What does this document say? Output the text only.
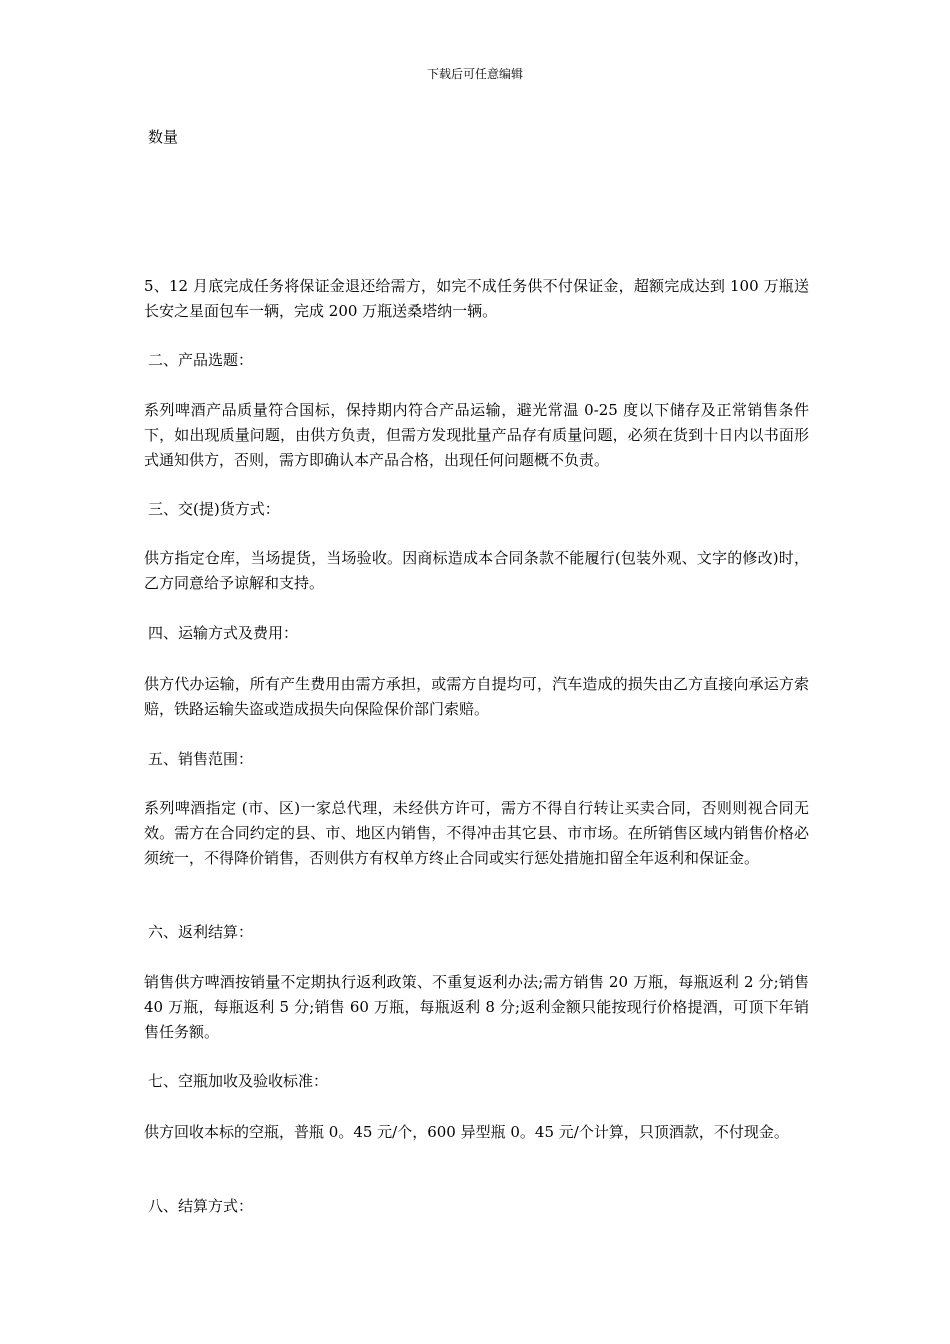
下载后可任意编辑

数量

5、12 月底完成任务将保证金退还给需方，如完不成任务供不付保证金，超额完成达到 100 万瓶送长安之星面包车一辆，完成 200 万瓶送桑塔纳一辆。

二、产品选题：

系列啤酒产品质量符合国标，保持期内符合产品运输，避光常温 0-25 度以下储存及正常销售条件下，如出现质量问题，由供方负责，但需方发现批量产品存有质量问题，必须在货到十日内以书面形式通知供方，否则，需方即确认本产品合格，出现任何问题概不负责。

三、交(提)货方式：

供方指定仓库，当场提货，当场验收。因商标造成本合同条款不能履行(包装外观、文字的修改)时，乙方同意给予谅解和支持。

四、运输方式及费用：

供方代办运输，所有产生费用由需方承担，或需方自提均可，汽车造成的损失由乙方直接向承运方索赔，铁路运输失盗或造成损失向保险保价部门索赔。

五、销售范围：

系列啤酒指定 (市、区)一家总代理，未经供方许可，需方不得自行转让买卖合同，否则则视合同无效。需方在合同约定的县、市、地区内销售，不得冲击其它县、市市场。在所销售区域内销售价格必须统一，不得降价销售，否则供方有权单方终止合同或实行惩处措施扣留全年返利和保证金。

六、返利结算：

销售供方啤酒按销量不定期执行返利政策、不重复返利办法;需方销售 20 万瓶，每瓶返利 2 分;销售 40 万瓶，每瓶返利 5 分;销售 60 万瓶，每瓶返利 8 分;返利金额只能按现行价格提酒，可顶下年销售任务额。

七、空瓶加收及验收标准：

供方回收本标的空瓶，普瓶 0。45 元/个，600 异型瓶 0。45 元/个计算，只顶酒款，不付现金。

八、结算方式：
